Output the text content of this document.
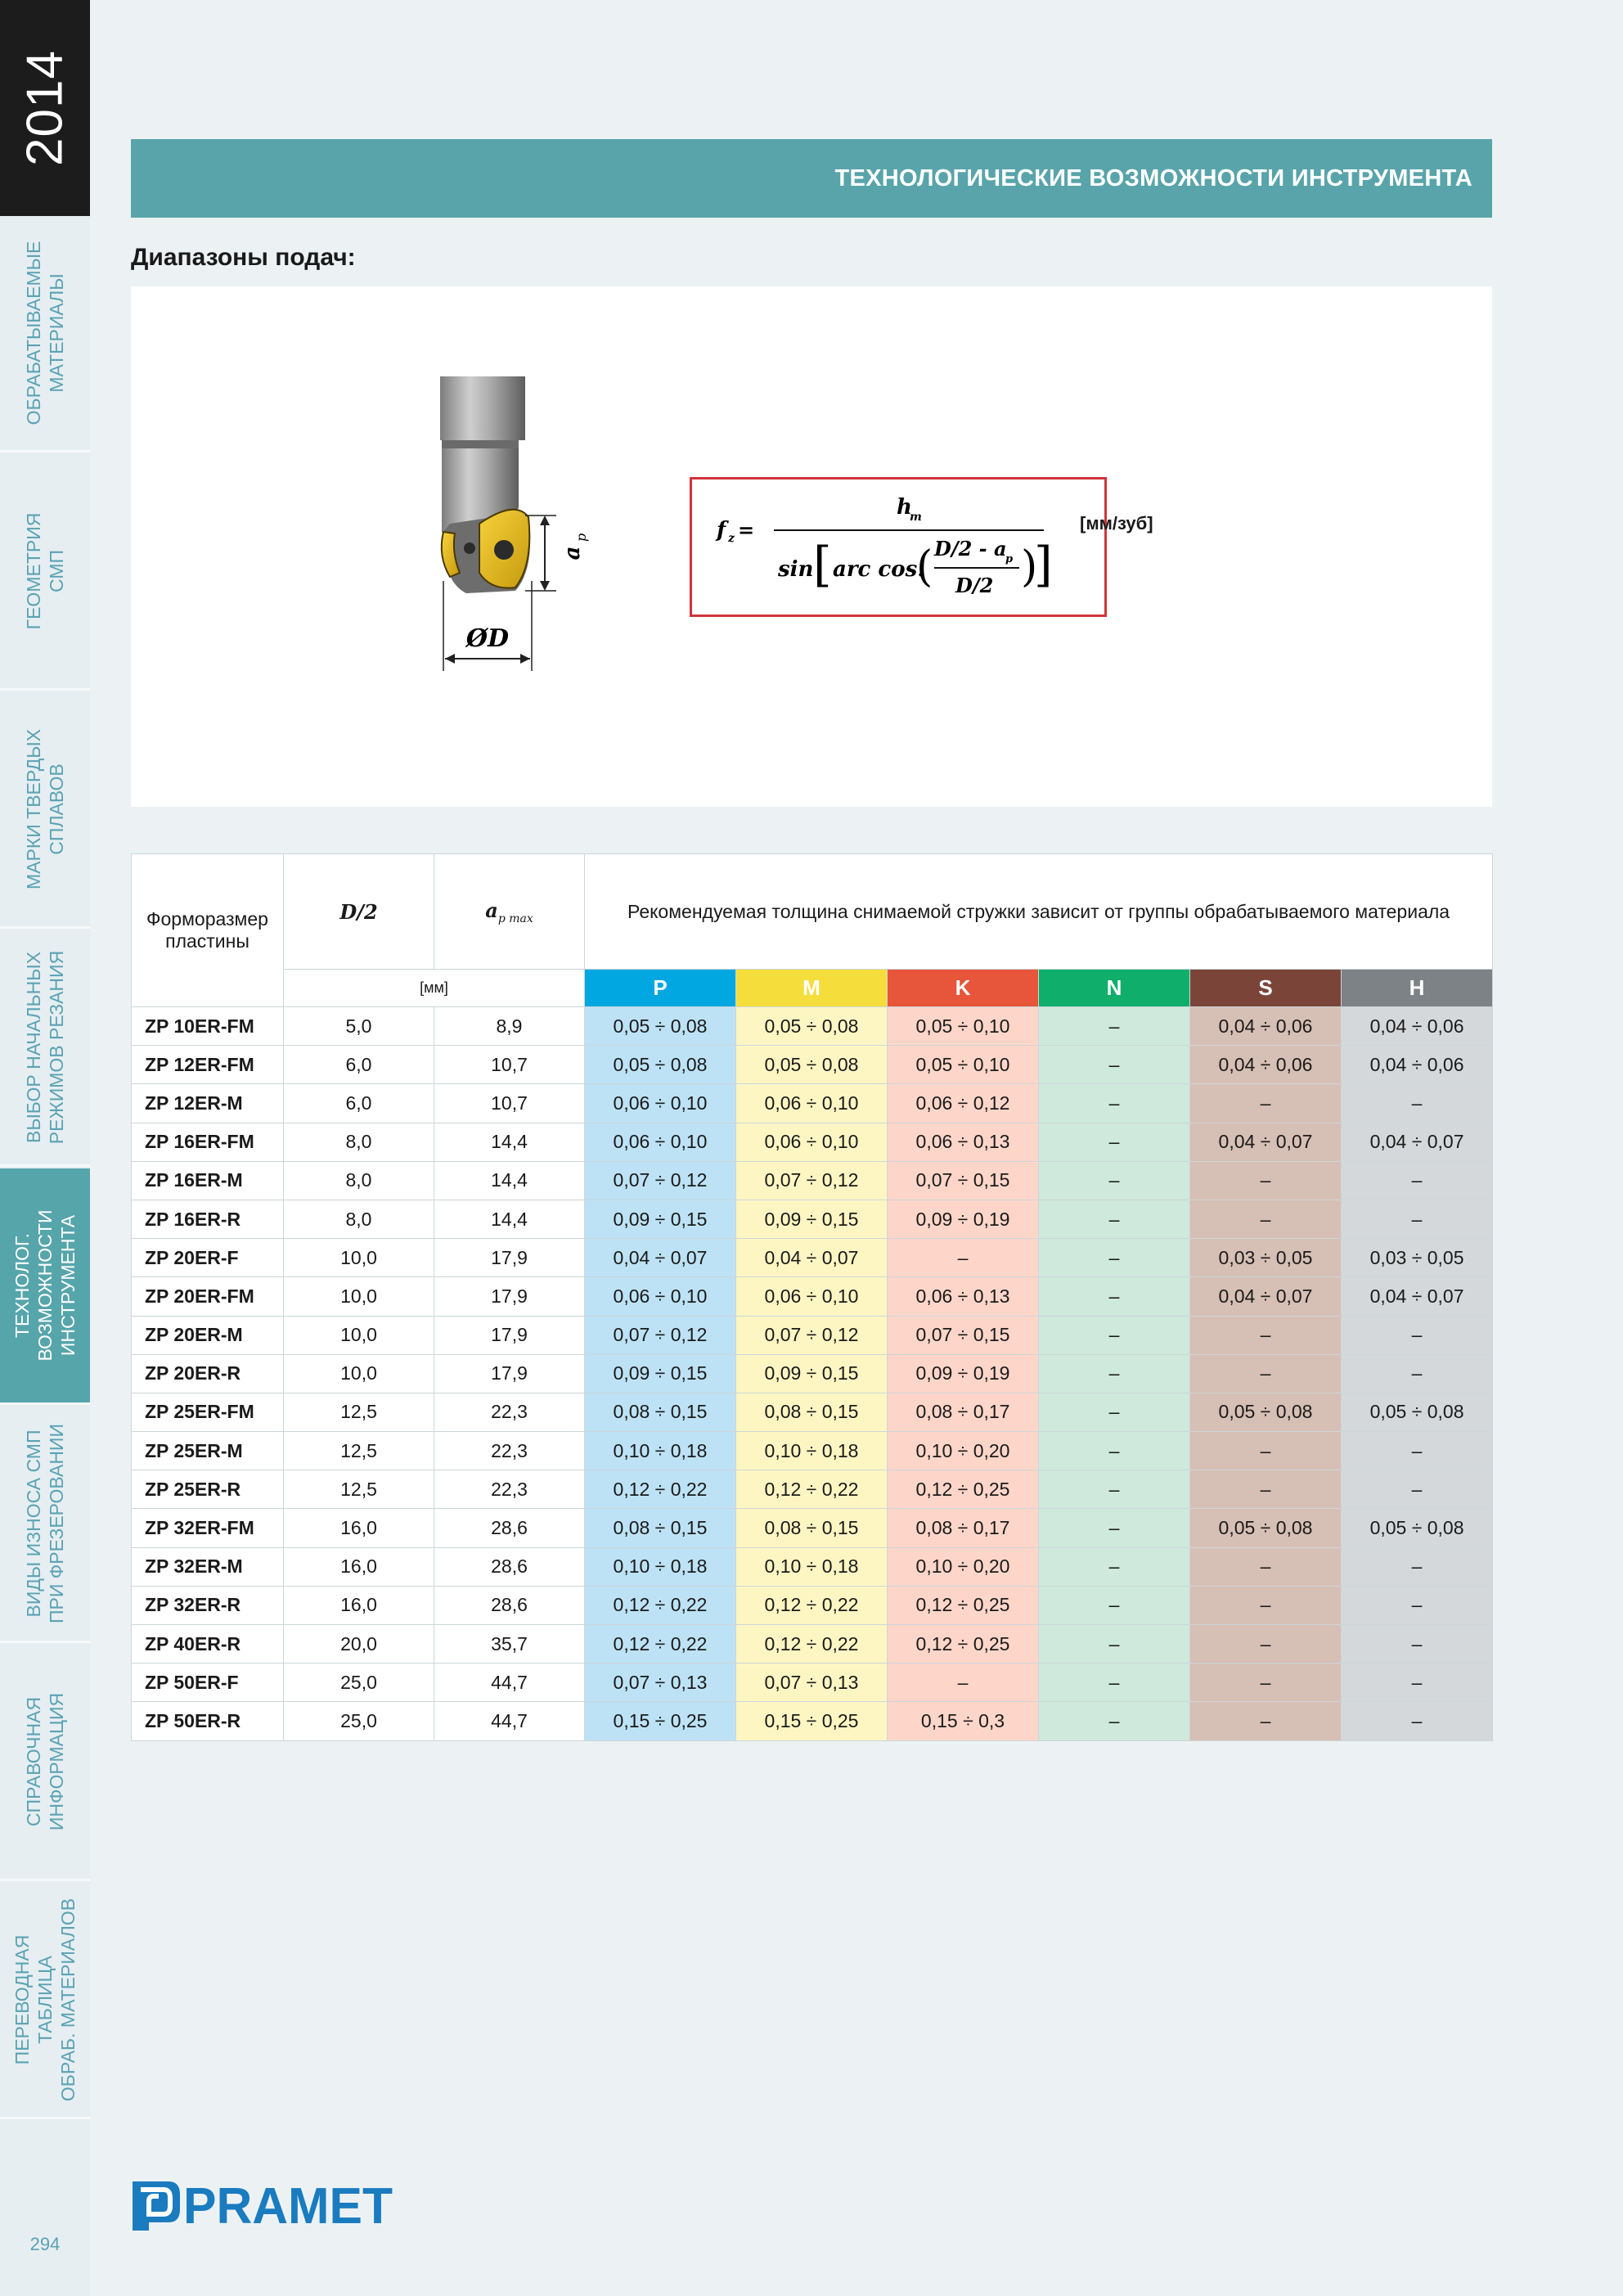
2014
ОБРАБАТЫВАЕМЫЕ МАТЕРИАЛЫ
ГЕОМЕТРИЯ СМП
МАРКИ ТВЕРДЫХ СПЛАВОВ
ВЫБОР НАЧАЛЬНЫХ РЕЖИМОВ РЕЗАНИЯ
ТЕХНОЛОГ. ВОЗМОЖНОСТИ ИНСТРУМЕНТА
ВИДЫ ИЗНОСА СМП ПРИ ФРЕЗЕРОВАНИИ
СПРАВОЧНАЯ ИНФОРМАЦИЯ
ПЕРЕВОДНАЯ ТАБЛИЦА ОБРАБ. МАТЕРИАЛОВ
294
ТЕХНОЛОГИЧЕСКИЕ ВОЗМОЖНОСТИ ИНСТРУМЕНТА
Диапазоны подач:
ØD
a
p	f z =
h
m
sin [ arc cos.
( D/2 - a
p
D/2 )
]
[мм/зуб]
Форморазмер
пластины	D/2	$a_{p max}$	Рекомендуемая толщина снимаемой стружки зависит от группы обрабатываемого материала					
	[мм]		P	M	K	N	S	H
ZP 10ER-FM	5,0	8,9	0,05 ÷ 0,08	0,05 ÷ 0,08	0,05 ÷ 0,10	–	0,04 ÷ 0,06	0,04 ÷ 0,06
ZP 12ER-FM	6,0	10,7	0,05 ÷ 0,08	0,05 ÷ 0,08	0,05 ÷ 0,10	–	0,04 ÷ 0,06	0,04 ÷ 0,06
ZP 12ER-M	6,0	10,7	0,06 ÷ 0,10	0,06 ÷ 0,10	0,06 ÷ 0,12	–	–	–
ZP 16ER-FM	8,0	14,4	0,06 ÷ 0,10	0,06 ÷ 0,10	0,06 ÷ 0,13	–	0,04 ÷ 0,07	0,04 ÷ 0,07
ZP 16ER-M	8,0	14,4	0,07 ÷ 0,12	0,07 ÷ 0,12	0,07 ÷ 0,15	–	–	–
ZP 16ER-R	8,0	14,4	0,09 ÷ 0,15	0,09 ÷ 0,15	0,09 ÷ 0,19	–	–	–
ZP 20ER-F	10,0	17,9	0,04 ÷ 0,07	0,04 ÷ 0,07	–	–	0,03 ÷ 0,05	0,03 ÷ 0,05
ZP 20ER-FM	10,0	17,9	0,06 ÷ 0,10	0,06 ÷ 0,10	0,06 ÷ 0,13	–	0,04 ÷ 0,07	0,04 ÷ 0,07
ZP 20ER-M	10,0	17,9	0,07 ÷ 0,12	0,07 ÷ 0,12	0,07 ÷ 0,15	–	–	–
ZP 20ER-R	10,0	17,9	0,09 ÷ 0,15	0,09 ÷ 0,15	0,09 ÷ 0,19	–	–	–
ZP 25ER-FM	12,5	22,3	0,08 ÷ 0,15	0,08 ÷ 0,15	0,08 ÷ 0,17	–	0,05 ÷ 0,08	0,05 ÷ 0,08
ZP 25ER-M	12,5	22,3	0,10 ÷ 0,18	0,10 ÷ 0,18	0,10 ÷ 0,20	–	–	–
ZP 25ER-R	12,5	22,3	0,12 ÷ 0,22	0,12 ÷ 0,22	0,12 ÷ 0,25	–	–	–
ZP 32ER-FM	16,0	28,6	0,08 ÷ 0,15	0,08 ÷ 0,15	0,08 ÷ 0,17	–	0,05 ÷ 0,08	0,05 ÷ 0,08
ZP 32ER-M	16,0	28,6	0,10 ÷ 0,18	0,10 ÷ 0,18	0,10 ÷ 0,20	–	–	–
ZP 32ER-R	16,0	28,6	0,12 ÷ 0,22	0,12 ÷ 0,22	0,12 ÷ 0,25	–	–	–
ZP 40ER-R	20,0	35,7	0,12 ÷ 0,22	0,12 ÷ 0,22	0,12 ÷ 0,25	–	–	–
ZP 50ER-F	25,0	44,7	0,07 ÷ 0,13	0,07 ÷ 0,13	–	–	–	–
ZP 50ER-R	25,0	44,7	0,15 ÷ 0,25	0,15 ÷ 0,25	0,15 ÷ 0,3	–	–	–
PRAMET
